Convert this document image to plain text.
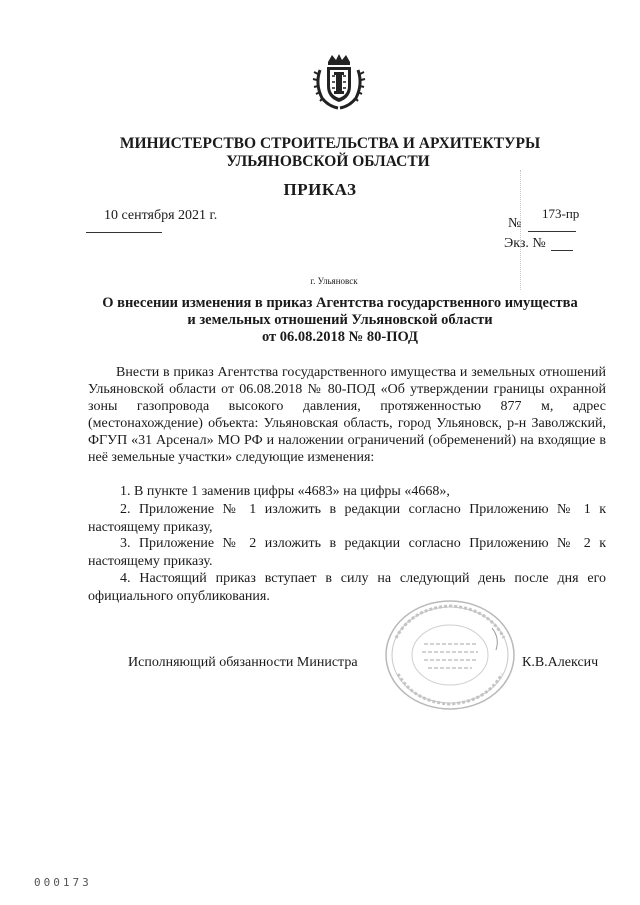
МИНИСТЕРСТВО СТРОИТЕЛЬСТВА И АРХИТЕКТУРЫ
УЛЬЯНОВСКОЙ ОБЛАСТИ
ПРИКАЗ
10 сентября 2021 г.	173-пр
№
Экз. №
г. Ульяновск
О внесении изменения в приказ Агентства государственного имущества
и земельных отношений Ульяновской области
от 06.08.2018 № 80-ПОД
Внести в приказ Агентства государственного имущества и земельных отношений Ульяновской области от 06.08.2018 № 80-ПОД «Об утверждении границы охранной зоны газопровода высокого давления, протяженностью 877 м, адрес (местонахождение) объекта: Ульяновская область, город Ульяновск, р-н Заволжский, ФГУП «31 Арсенал» МО РФ и наложении ограничений (обременений) на входящие в неё земельные участки» следующие изменения:
1. В пункте 1 заменив цифры «4683» на цифры «4668»,
2. Приложение № 1 изложить в редакции согласно Приложению № 1 к настоящему приказу,
3. Приложение № 2 изложить в редакции согласно Приложению № 2 к настоящему приказу.
4. Настоящий приказ вступает в силу на следующий день после дня его официального опубликования.
Исполняющий обязанности Министра	К.В.Алексич
000173
